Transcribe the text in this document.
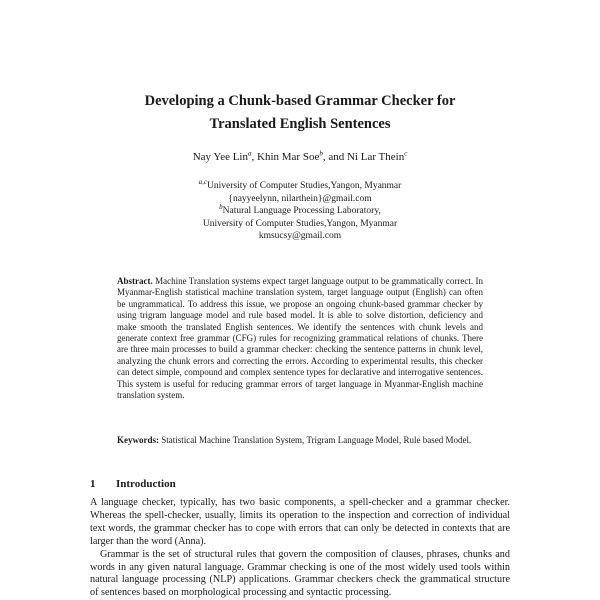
Developing a Chunk-based Grammar Checker for
Translated English Sentences
Nay Yee Lin$^a$, Khin Mar Soe$^b$, and Ni Lar Thein$^c$
$^{a,c}$University of Computer Studies,Yangon, Myanmar
{nayyeelynn, nilarthein}@gmail.com
$^b$Natural Language Processing Laboratory,
University of Computer Studies,Yangon, Myanmar
kmsucsy@gmail.com
Abstract. Machine Translation systems expect target language output to be grammatically correct. In Myanmar-English statistical machine translation system, target language output (English) can often be ungrammatical. To address this issue, we propose an ongoing chunk-based grammar checker by using trigram language model and rule based model. It is able to solve distortion, deficiency and make smooth the translated English sentences. We identify the sentences with chunk levels and generate context free grammar (CFG) rules for recognizing grammatical relations of chunks. There are three main processes to build a grammar checker: checking the sentence patterns in chunk level, analyzing the chunk errors and correcting the errors. According to experimental results, this checker can detect simple, compound and complex sentence types for declarative and interrogative sentences. This system is useful for reducing grammar errors of target language in Myanmar-English machine translation system.
Keywords: Statistical Machine Translation System, Trigram Language Model, Rule based Model.
1 Introduction

A language checker, typically, has two basic components, a spell-checker and a grammar checker. Whereas the spell-checker, usually, limits its operation to the inspection and correction of individual text words, the grammar checker has to cope with errors that can only be detected in contexts that are larger than the word (Anna).

Grammar is the set of structural rules that govern the composition of clauses, phrases, chunks and words in any given natural language. Grammar checking is one of the most widely used tools within natural language processing (NLP) applications. Grammar checkers check the grammatical structure of sentences based on morphological processing and syntactic processing.
